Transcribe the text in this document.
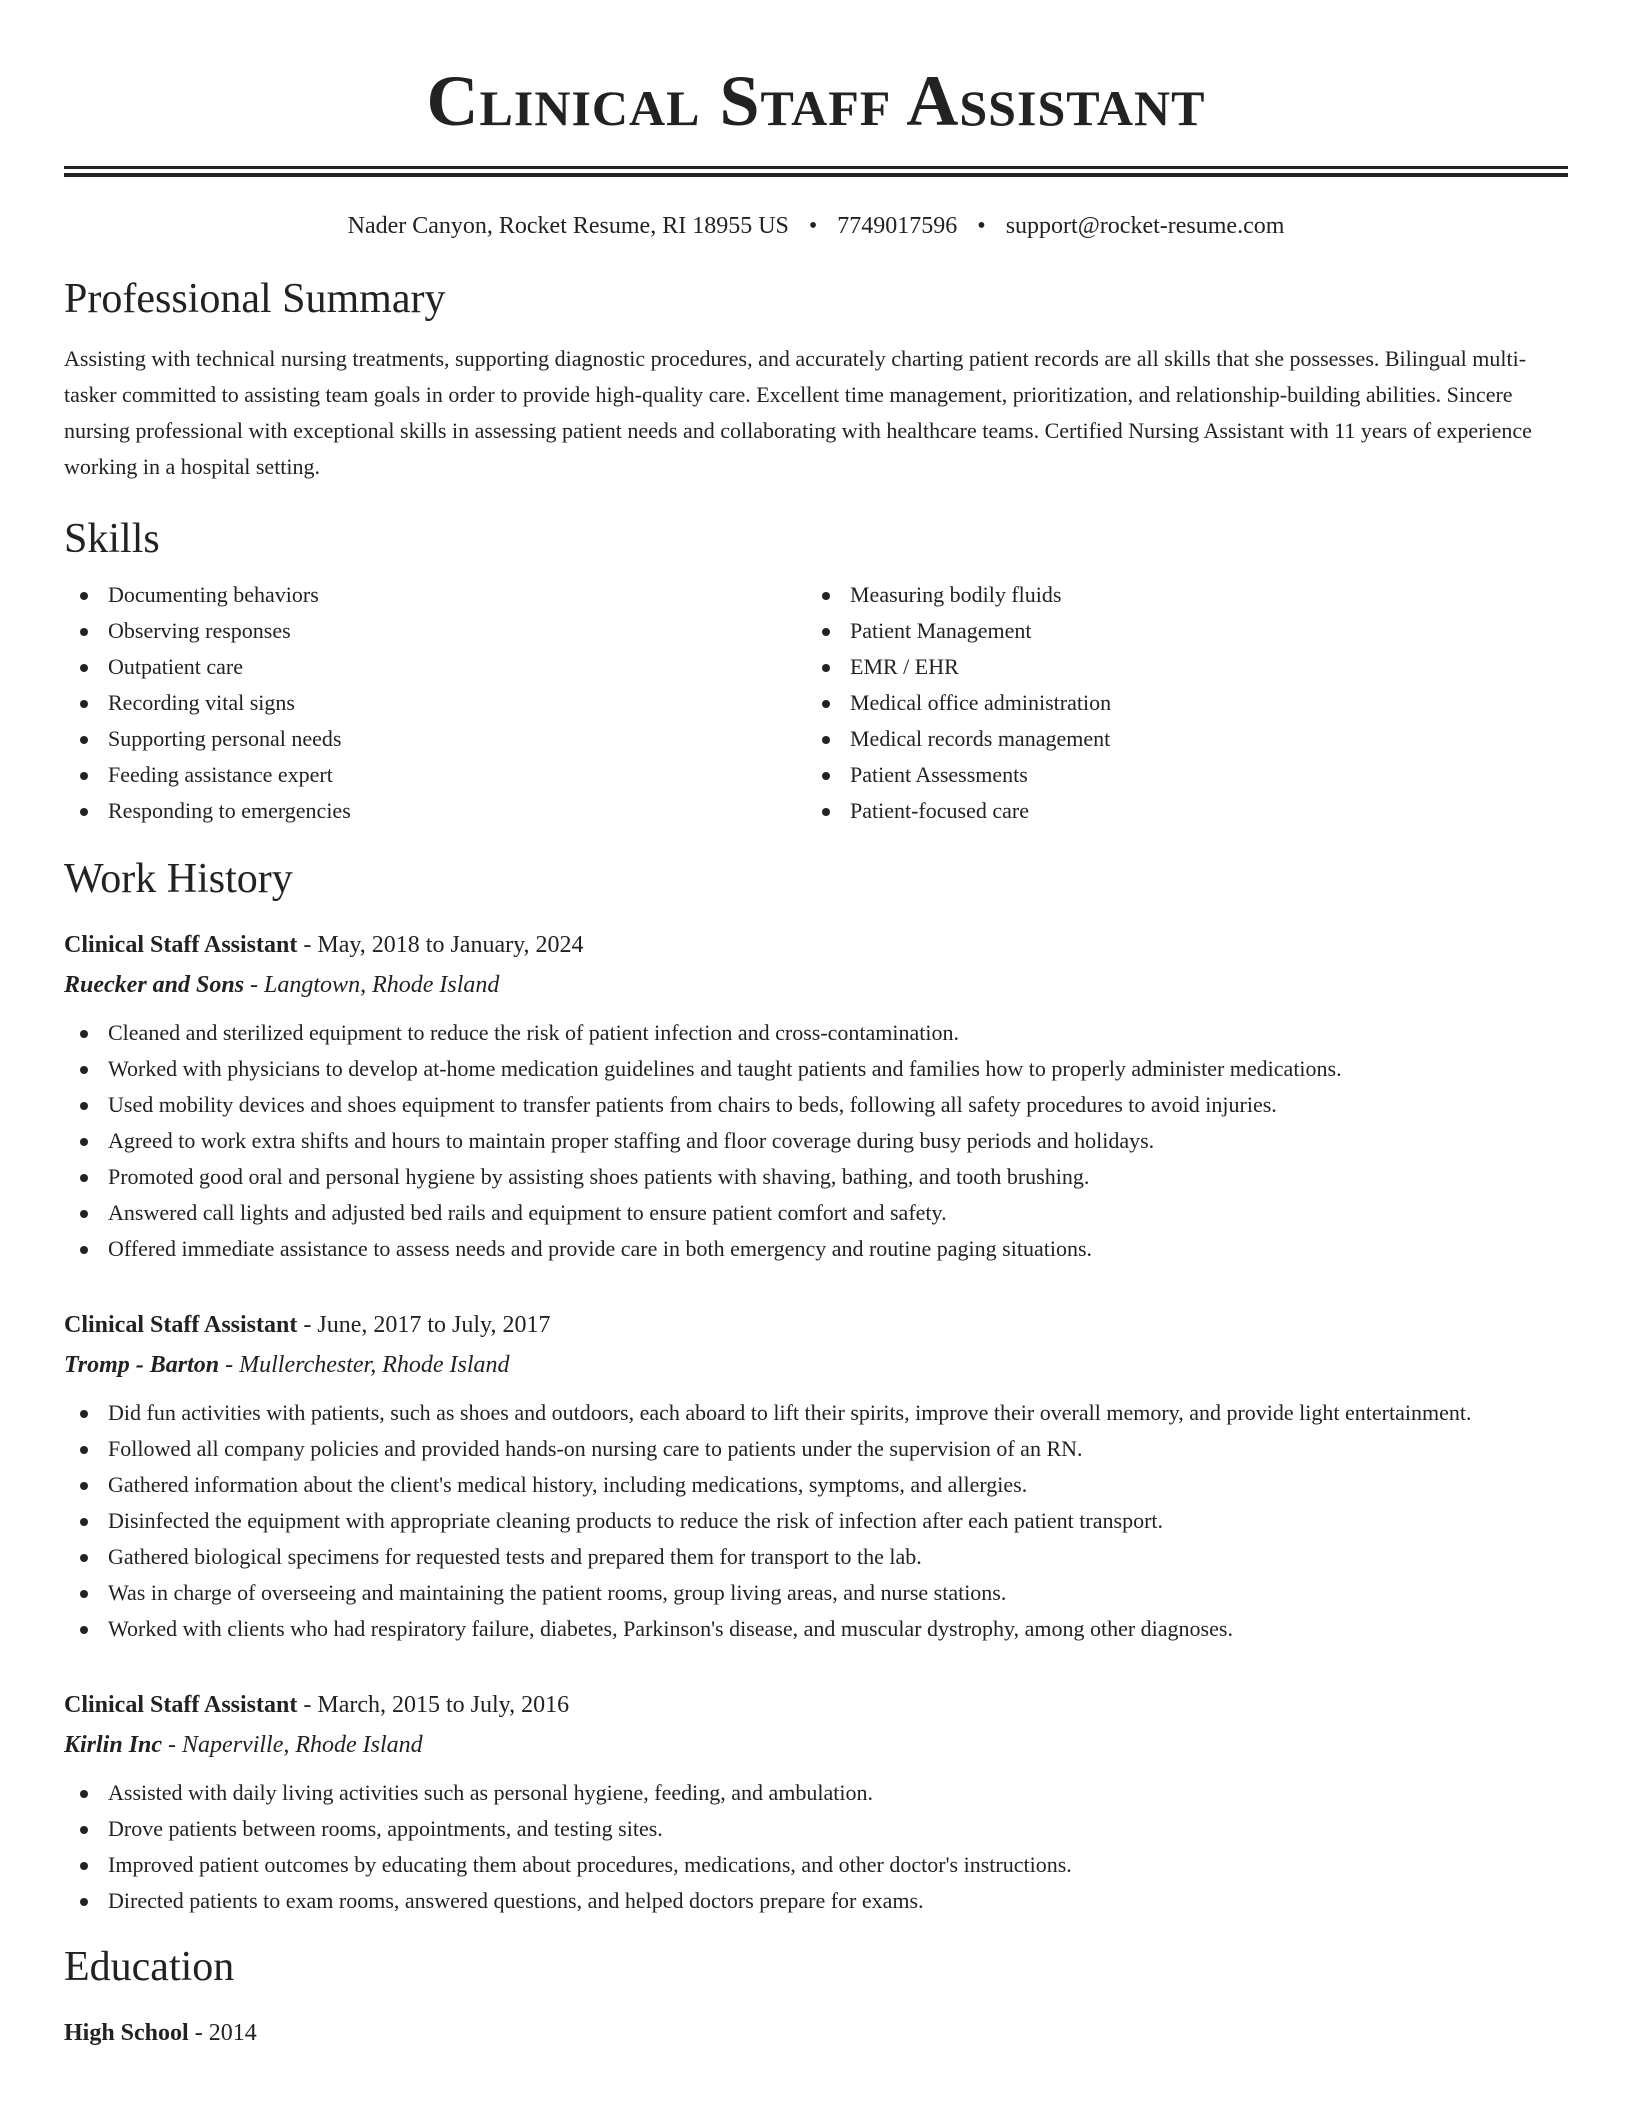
Clinical Staff Assistant
Nader Canyon, Rocket Resume, RI 18955 US • 7749017596 • support@rocket-resume.com
Professional Summary

Assisting with technical nursing treatments, supporting diagnostic procedures, and accurately charting patient records are all skills that she possesses. Bilingual multi-tasker committed to assisting team goals in order to provide high-quality care. Excellent time management, prioritization, and relationship-building abilities. Sincere nursing professional with exceptional skills in assessing patient needs and collaborating with healthcare teams. Certified Nursing Assistant with 11 years of experience working in a hospital setting.

Skills
Documenting behaviors
Observing responses
Outpatient care
Recording vital signs
Supporting personal needs
Feeding assistance expert
Responding to emergencies
Measuring bodily fluids
Patient Management
EMR / EHR
Medical office administration
Medical records management
Patient Assessments
Patient-focused care
Work History
Clinical Staff Assistant - May, 2018 to January, 2024
Ruecker and Sons - Langtown, Rhode Island
Cleaned and sterilized equipment to reduce the risk of patient infection and cross-contamination.
Worked with physicians to develop at-home medication guidelines and taught patients and families how to properly administer medications.
Used mobility devices and shoes equipment to transfer patients from chairs to beds, following all safety procedures to avoid injuries.
Agreed to work extra shifts and hours to maintain proper staffing and floor coverage during busy periods and holidays.
Promoted good oral and personal hygiene by assisting shoes patients with shaving, bathing, and tooth brushing.
Answered call lights and adjusted bed rails and equipment to ensure patient comfort and safety.
Offered immediate assistance to assess needs and provide care in both emergency and routine paging situations.
Clinical Staff Assistant - June, 2017 to July, 2017
Tromp - Barton - Mullerchester, Rhode Island
Did fun activities with patients, such as shoes and outdoors, each aboard to lift their spirits, improve their overall memory, and provide light entertainment.
Followed all company policies and provided hands-on nursing care to patients under the supervision of an RN.
Gathered information about the client's medical history, including medications, symptoms, and allergies.
Disinfected the equipment with appropriate cleaning products to reduce the risk of infection after each patient transport.
Gathered biological specimens for requested tests and prepared them for transport to the lab.
Was in charge of overseeing and maintaining the patient rooms, group living areas, and nurse stations.
Worked with clients who had respiratory failure, diabetes, Parkinson's disease, and muscular dystrophy, among other diagnoses.
Clinical Staff Assistant - March, 2015 to July, 2016
Kirlin Inc - Naperville, Rhode Island
Assisted with daily living activities such as personal hygiene, feeding, and ambulation.
Drove patients between rooms, appointments, and testing sites.
Improved patient outcomes by educating them about procedures, medications, and other doctor's instructions.
Directed patients to exam rooms, answered questions, and helped doctors prepare for exams.
Education
High School - 2014
